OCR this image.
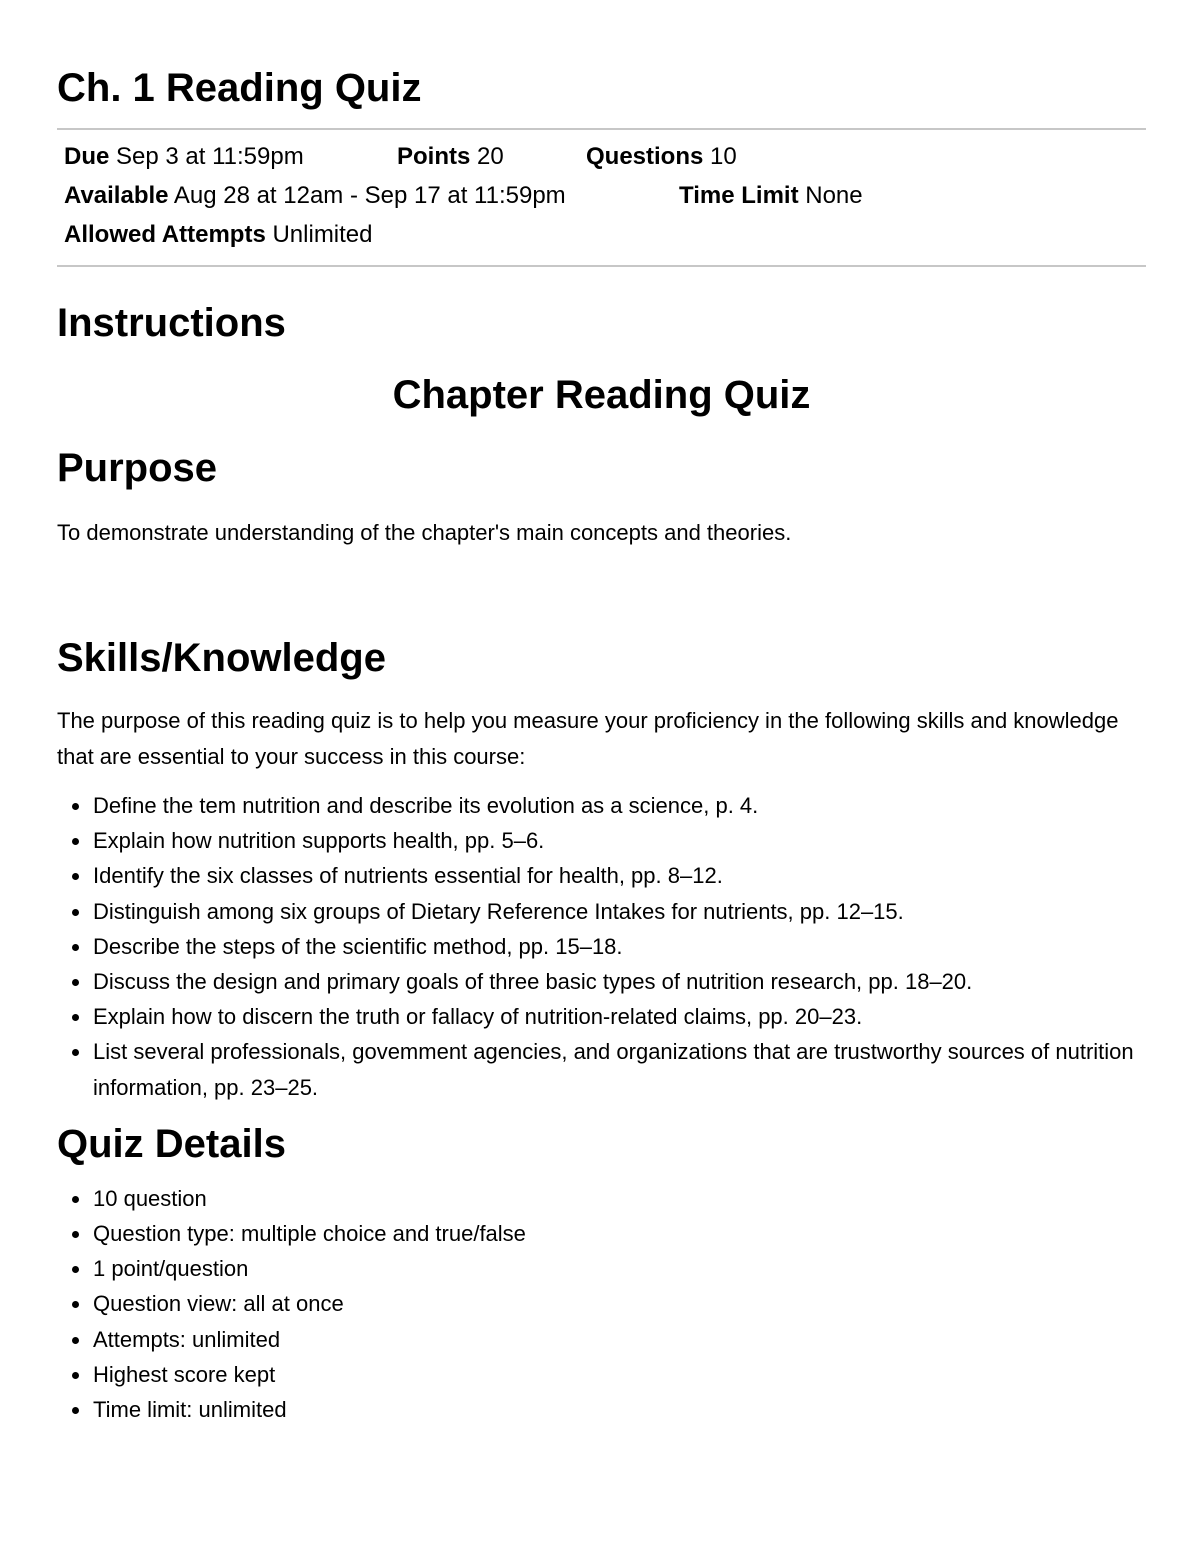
Ch. 1 Reading Quiz
Due Sep 3 at 11:59pm	Points 20	Questions 10
Available Aug 28 at 12am - Sep 17 at 11:59pm	Time Limit None
Allowed Attempts Unlimited
Instructions
Chapter Reading Quiz
Purpose

To demonstrate understanding of the chapter's main concepts and theories.

Skills/Knowledge

The purpose of this reading quiz is to help you measure your proficiency in the following skills and knowledge that are essential to your success in this course:

Define the tem nutrition and describe its evolution as a science, p. 4.
Explain how nutrition supports health, pp. 5–6.
Identify the six classes of nutrients essential for health, pp. 8–12.
Distinguish among six groups of Dietary Reference Intakes for nutrients, pp. 12–15.
Describe the steps of the scientific method, pp. 15–18.
Discuss the design and primary goals of three basic types of nutrition research, pp. 18–20.
Explain how to discern the truth or fallacy of nutrition-related claims, pp. 20–23.
List several professionals, govemment agencies, and organizations that are trustworthy sources of nutrition information, pp. 23–25.
Quiz Details
10 question
Question type: multiple choice and true/false
1 point/question
Question view: all at once
Attempts: unlimited
Highest score kept
Time limit: unlimited
